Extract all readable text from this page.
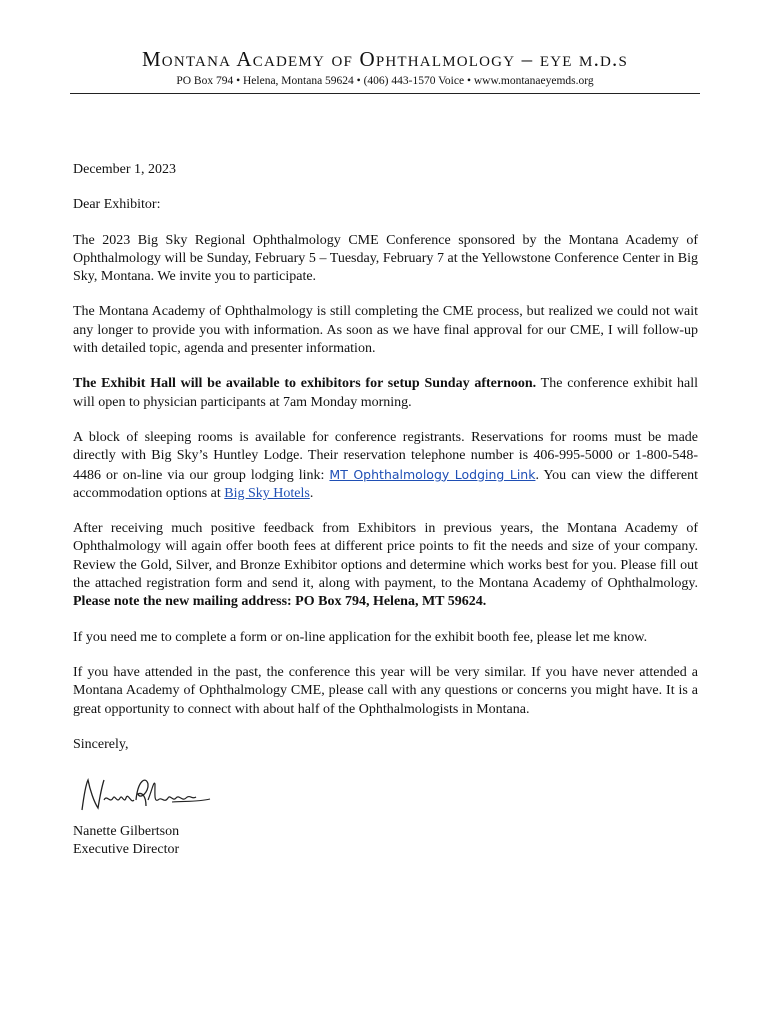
Montana Academy of Ophthalmology – eye m.d.s
PO Box 794 • Helena, Montana 59624 • (406) 443-1570 Voice • www.montanaeyemds.org

December 1, 2023

Dear Exhibitor:

The 2023 Big Sky Regional Ophthalmology CME Conference sponsored by the Montana Academy of Ophthalmology will be Sunday, February 5 – Tuesday, February 7 at the Yellowstone Conference Center in Big Sky, Montana. We invite you to participate.

The Montana Academy of Ophthalmology is still completing the CME process, but realized we could not wait any longer to provide you with information. As soon as we have final approval for our CME, I will follow-up with detailed topic, agenda and presenter information.

The Exhibit Hall will be available to exhibitors for setup Sunday afternoon. The conference exhibit hall will open to physician participants at 7am Monday morning.

A block of sleeping rooms is available for conference registrants. Reservations for rooms must be made directly with Big Sky’s Huntley Lodge. Their reservation telephone number is 406-995-5000 or 1-800-548-4486 or on-line via our group lodging link: MT Ophthalmology Lodging Link. You can view the different accommodation options at Big Sky Hotels.

After receiving much positive feedback from Exhibitors in previous years, the Montana Academy of Ophthalmology will again offer booth fees at different price points to fit the needs and size of your company. Review the Gold, Silver, and Bronze Exhibitor options and determine which works best for you. Please fill out the attached registration form and send it, along with payment, to the Montana Academy of Ophthalmology. Please note the new mailing address: PO Box 794, Helena, MT 59624.

If you need me to complete a form or on-line application for the exhibit booth fee, please let me know.

If you have attended in the past, the conference this year will be very similar. If you have never attended a Montana Academy of Ophthalmology CME, please call with any questions or concerns you might have. It is a great opportunity to connect with about half of the Ophthalmologists in Montana.

Sincerely,

Nanette Gilbertson
Executive Director
